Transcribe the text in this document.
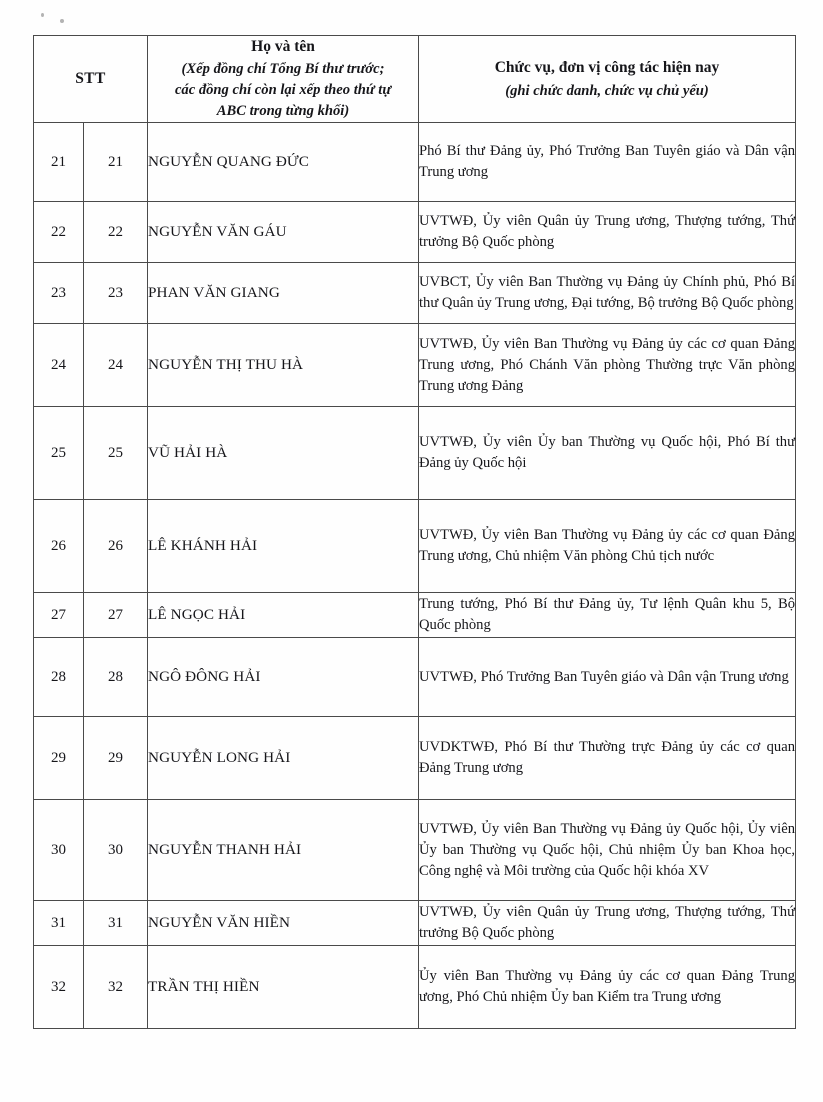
STT		Họ và tên
(Xếp đồng chí Tổng Bí thư trước;
các đồng chí còn lại xếp theo thứ tự
ABC trong từng khối)	Chức vụ, đơn vị công tác hiện nay
(ghi chức danh, chức vụ chủ yếu)

21	21	NGUYỄN QUANG ĐỨC	Phó Bí thư Đảng ủy, Phó Trưởng Ban Tuyên giáo và Dân vận Trung ương
22	22	NGUYỄN VĂN GÁU	UVTWĐ, Ủy viên Quân ủy Trung ương, Thượng tướng, Thứ trưởng Bộ Quốc phòng
23	23	PHAN VĂN GIANG	UVBCT, Ủy viên Ban Thường vụ Đảng ủy Chính phủ, Phó Bí thư Quân ủy Trung ương, Đại tướng, Bộ trưởng Bộ Quốc phòng
24	24	NGUYỄN THỊ THU HÀ	UVTWĐ, Ủy viên Ban Thường vụ Đảng ủy các cơ quan Đảng Trung ương, Phó Chánh Văn phòng Thường trực Văn phòng Trung ương Đảng
25	25	VŨ HẢI HÀ	UVTWĐ, Ủy viên Ủy ban Thường vụ Quốc hội, Phó Bí thư Đảng ủy Quốc hội
26	26	LÊ KHÁNH HẢI	UVTWĐ, Ủy viên Ban Thường vụ Đảng ủy các cơ quan Đảng Trung ương, Chủ nhiệm Văn phòng Chủ tịch nước
27	27	LÊ NGỌC HẢI	Trung tướng, Phó Bí thư Đảng ủy, Tư lệnh Quân khu 5, Bộ Quốc phòng
28	28	NGÔ ĐÔNG HẢI	UVTWĐ, Phó Trưởng Ban Tuyên giáo và Dân vận Trung ương
29	29	NGUYỄN LONG HẢI	UVDKTWĐ, Phó Bí thư Thường trực Đảng ủy các cơ quan Đảng Trung ương
30	30	NGUYỄN THANH HẢI	UVTWĐ, Ủy viên Ban Thường vụ Đảng ủy Quốc hội, Ủy viên Ủy ban Thường vụ Quốc hội, Chủ nhiệm Ủy ban Khoa học, Công nghệ và Môi trường của Quốc hội khóa XV
31	31	NGUYỄN VĂN HIỀN	UVTWĐ, Ủy viên Quân ủy Trung ương, Thượng tướng, Thứ trưởng Bộ Quốc phòng
32	32	TRẦN THỊ HIỀN	Ủy viên Ban Thường vụ Đảng ủy các cơ quan Đảng Trung ương, Phó Chủ nhiệm Ủy ban Kiểm tra Trung ương
